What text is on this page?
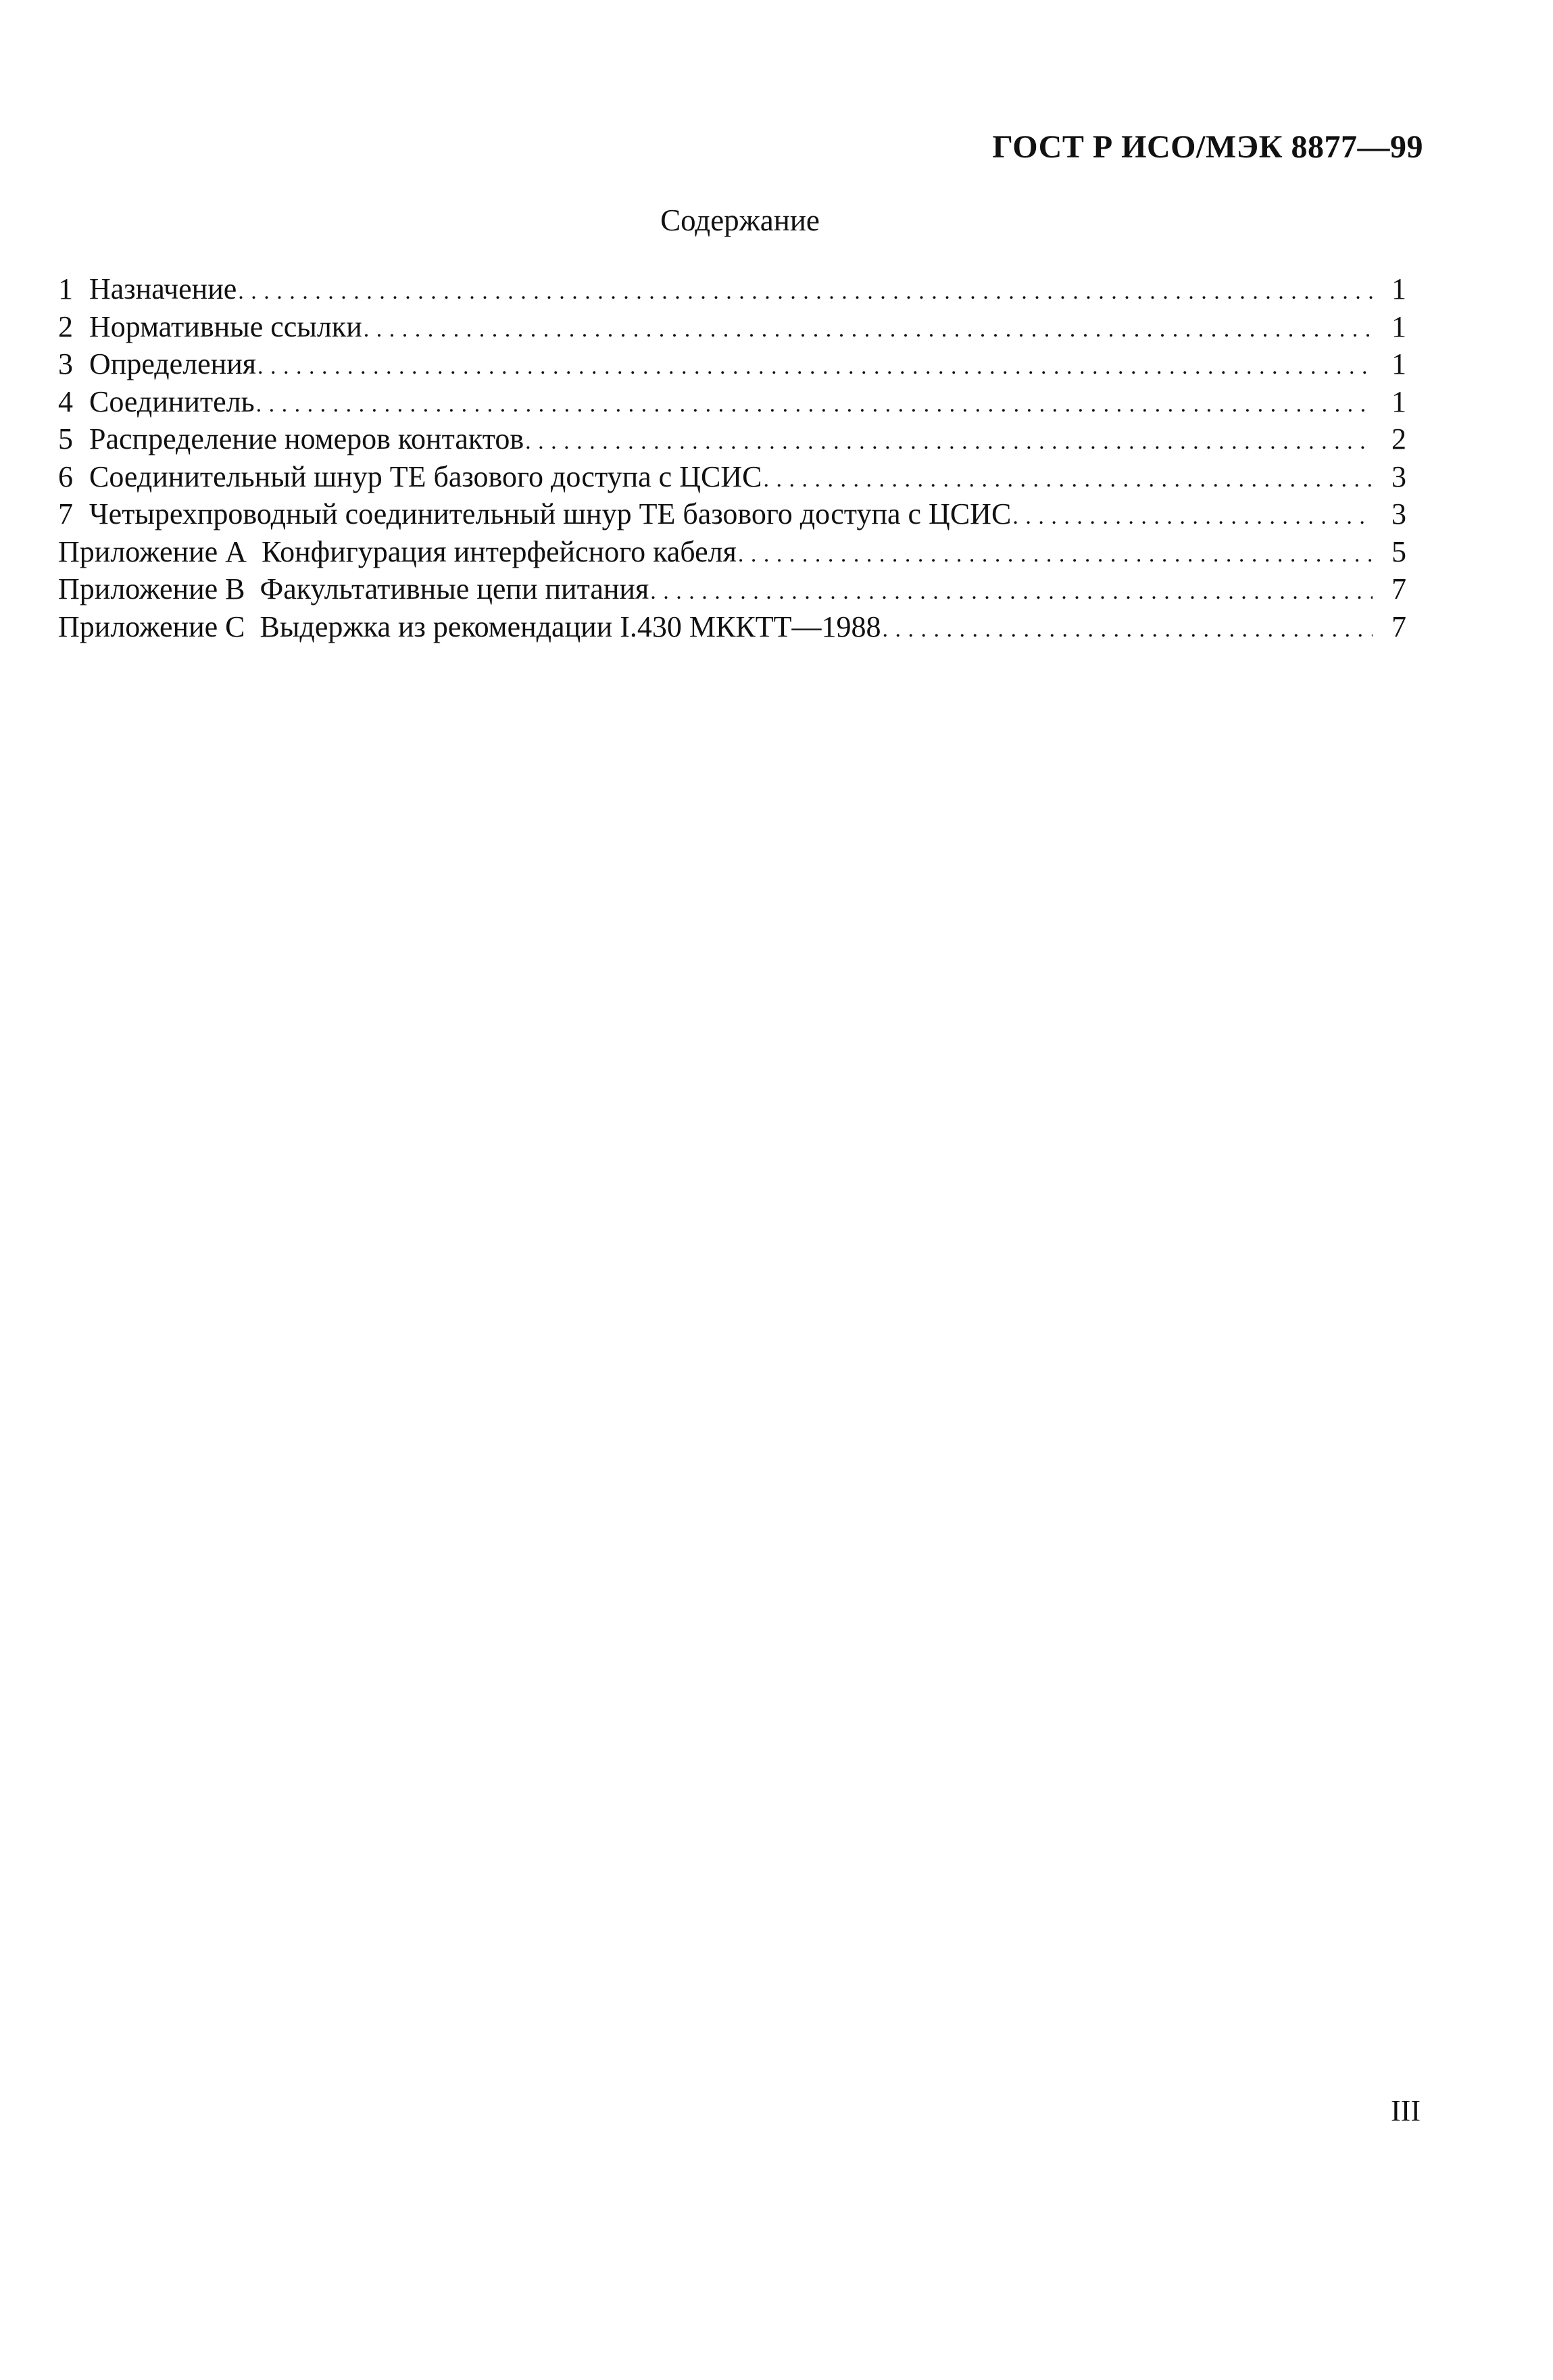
ГОСТ Р ИСО/МЭК 8877—99
Содержание
1 Назначение . . .	1
2 Нормативные ссылки . . .	1
3 Определения . . .	1
4 Соединитель . . .	1
5 Распределение номеров контактов . . .	2
6 Соединительный шнур ТЕ базового доступа с ЦСИС . . .	3
7 Четырехпроводный соединительный шнур ТЕ базового доступа с ЦСИС . . .	3
Приложение А Конфигурация интерфейсного кабеля . . .	5
Приложение В Факультативные цепи питания . . .	7
Приложение С Выдержка из рекомендации I.430 МККТТ—1988 . . .	7
III
